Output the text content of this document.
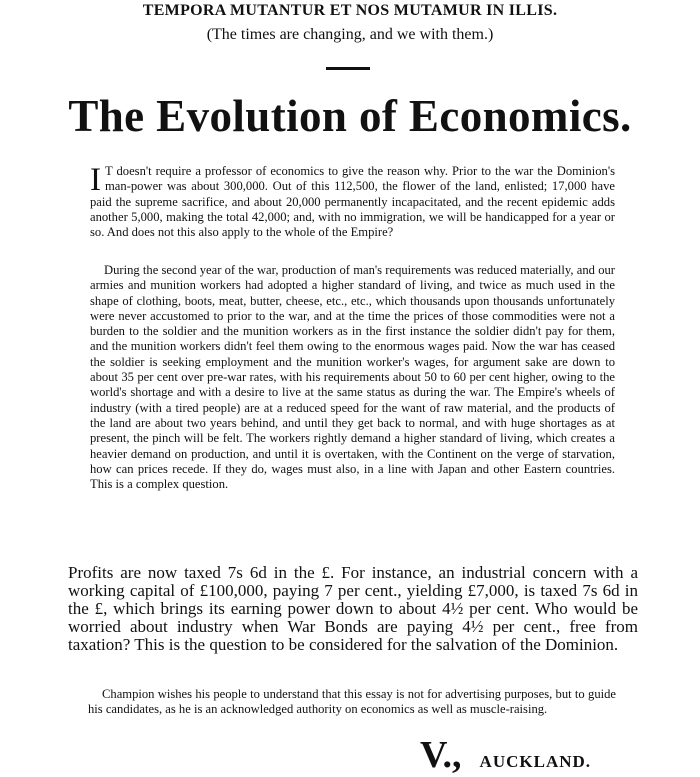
TEMPORA MUTANTUR ET NOS MUTAMUR IN ILLIS.
(The times are changing, and we with them.)
The Evolution of Economics.

I T doesn't require a professor of economics to give the reason why. Prior to the war the Dominion's man-power was about 300,000. Out of this 112,500, the flower of the land, enlisted; 17,000 have paid the supreme sacrifice, and about 20,000 permanently incapacitated, and the recent epidemic adds another 5,000, making the total 42,000; and, with no immigration, we will be handicapped for a year or so. And does not this also apply to the whole of the Empire?

During the second year of the war, production of man's requirements was reduced materially, and our armies and munition workers had adopted a higher standard of living, and twice as much used in the shape of clothing, boots, meat, butter, cheese, etc., etc., which thousands upon thousands unfortunately were never accustomed to prior to the war, and at the time the prices of those commodities were not a burden to the soldier and the munition workers as in the first instance the soldier didn't pay for them, and the munition workers didn't feel them owing to the enormous wages paid. Now the war has ceased the soldier is seeking employment and the munition worker's wages, for argument sake are down to about 35 per cent over pre-war rates, with his requirements about 50 to 60 per cent higher, owing to the world's shortage and with a desire to live at the same status as during the war. The Empire's wheels of industry (with a tired people) are at a reduced speed for the want of raw material, and the products of the land are about two years behind, and until they get back to normal, and with huge shortages as at present, the pinch will be felt. The workers rightly demand a higher standard of living, which creates a heavier demand on production, and until it is overtaken, with the Continent on the verge of starvation, how can prices recede. If they do, wages must also, in a line with Japan and other Eastern countries. This is a complex question.

Profits are now taxed 7s 6d in the £. For instance, an industrial concern with a working capital of £100,000, paying 7 per cent., yielding £7,000, is taxed 7s 6d in the £, which brings its earning power down to about 4½ per cent. Who would be worried about industry when War Bonds are paying 4½ per cent., free from taxation? This is the question to be considered for the salvation of the Dominion.

Champion wishes his people to understand that this essay is not for advertising purposes, but to guide his candidates, as he is an acknowledged authority on economics as well as muscle-raising.

V., AUCKLAND.
